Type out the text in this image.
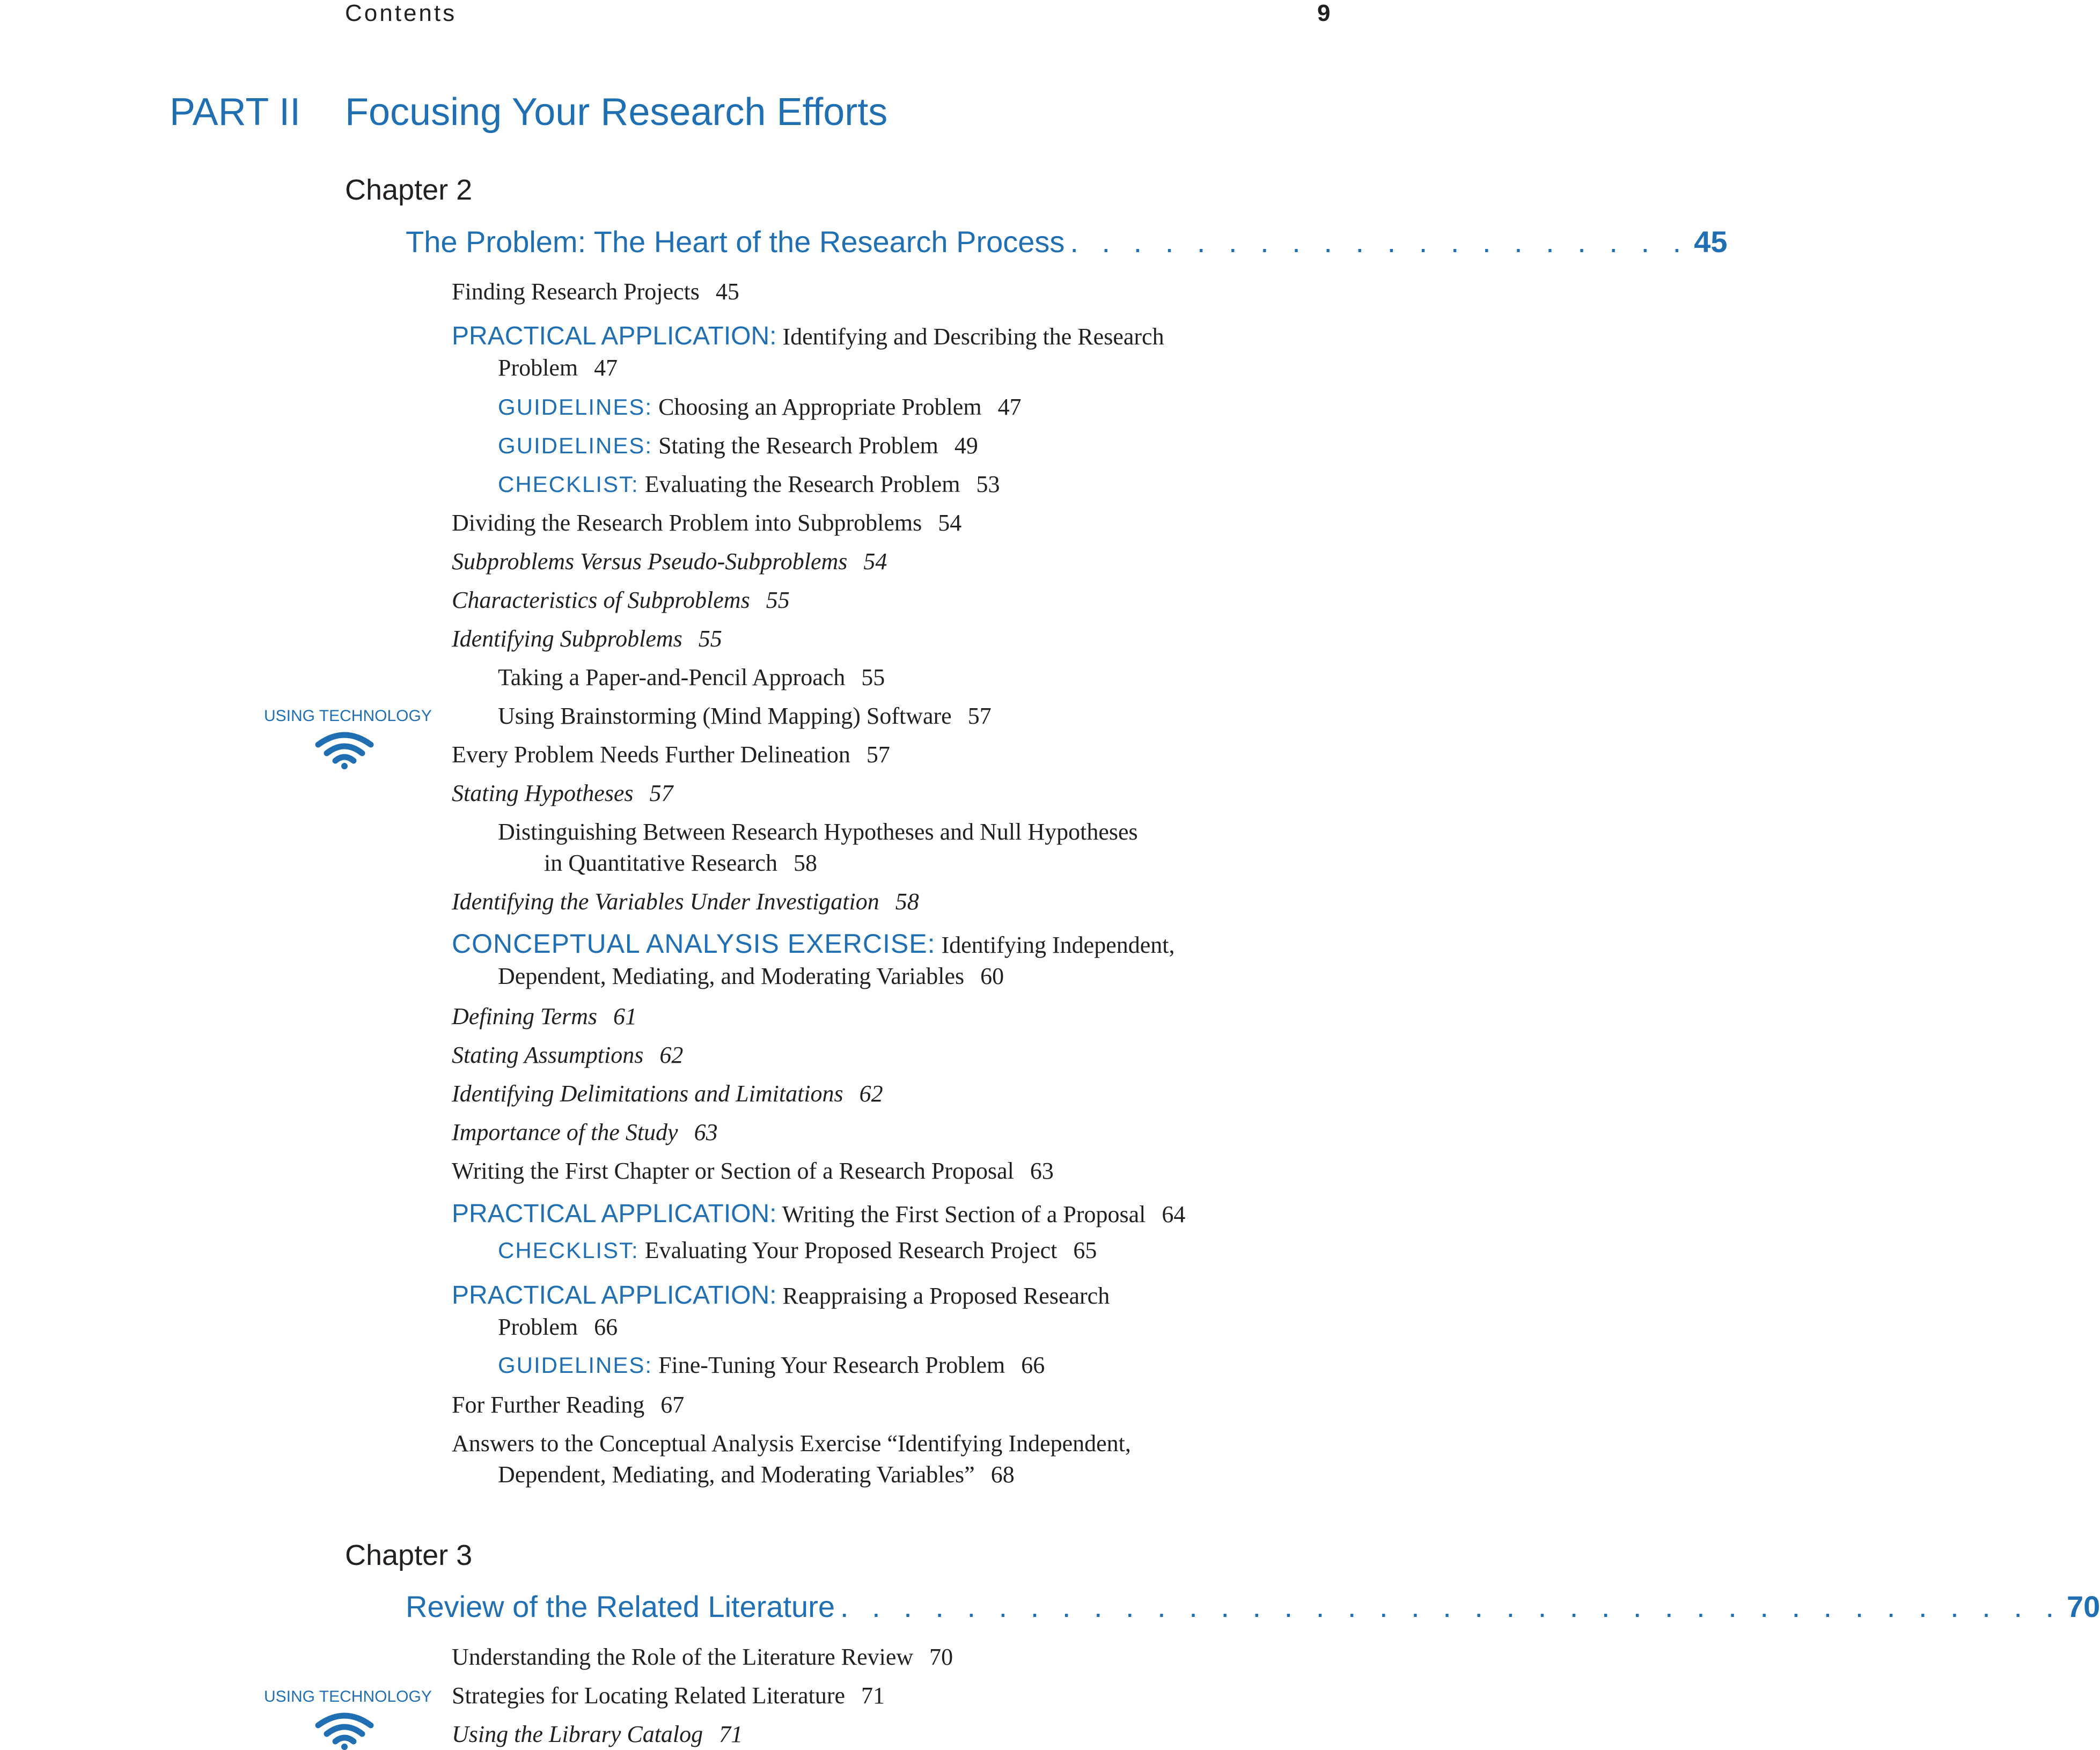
Contents	9
PART II Focusing Your Research Efforts
Chapter 2
The Problem: The Heart of the Research Process . . . . . . . . . . . . . . . . . . . . 45
Finding Research Projects 45
PRACTICAL APPLICATION: Identifying and Describing the Research
Problem 47
GUIDELINES: Choosing an Appropriate Problem 47
GUIDELINES: Stating the Research Problem 49
CHECKLIST: Evaluating the Research Problem 53
Dividing the Research Problem into Subproblems 54
Subproblems Versus Pseudo-Subproblems 54
Characteristics of Subproblems 55
Identifying Subproblems 55
Taking a Paper-and-Pencil Approach 55
Using Brainstorming (Mind Mapping) Software 57
USING TECHNOLOGY
Every Problem Needs Further Delineation 57
Stating Hypotheses 57
Distinguishing Between Research Hypotheses and Null Hypotheses
in Quantitative Research 58
Identifying the Variables Under Investigation 58
CONCEPTUAL ANALYSIS EXERCISE: Identifying Independent,
Dependent, Mediating, and Moderating Variables 60
Defining Terms 61
Stating Assumptions 62
Identifying Delimitations and Limitations 62
Importance of the Study 63
Writing the First Chapter or Section of a Research Proposal 63
PRACTICAL APPLICATION: Writing the First Section of a Proposal 64
CHECKLIST: Evaluating Your Proposed Research Project 65
PRACTICAL APPLICATION: Reappraising a Proposed Research
Problem 66
GUIDELINES: Fine-Tuning Your Research Problem 66
For Further Reading 67
Answers to the Conceptual Analysis Exercise “Identifying Independent,
Dependent, Mediating, and Moderating Variables” 68
Chapter 3
Review of the Related Literature . . . . . . . . . . . . . . . . . . . . . . . . . . . . . . . . . . . . . . . 70
Understanding the Role of the Literature Review 70
Strategies for Locating Related Literature 71
Using the Library Catalog 71
USING TECHNOLOGY
